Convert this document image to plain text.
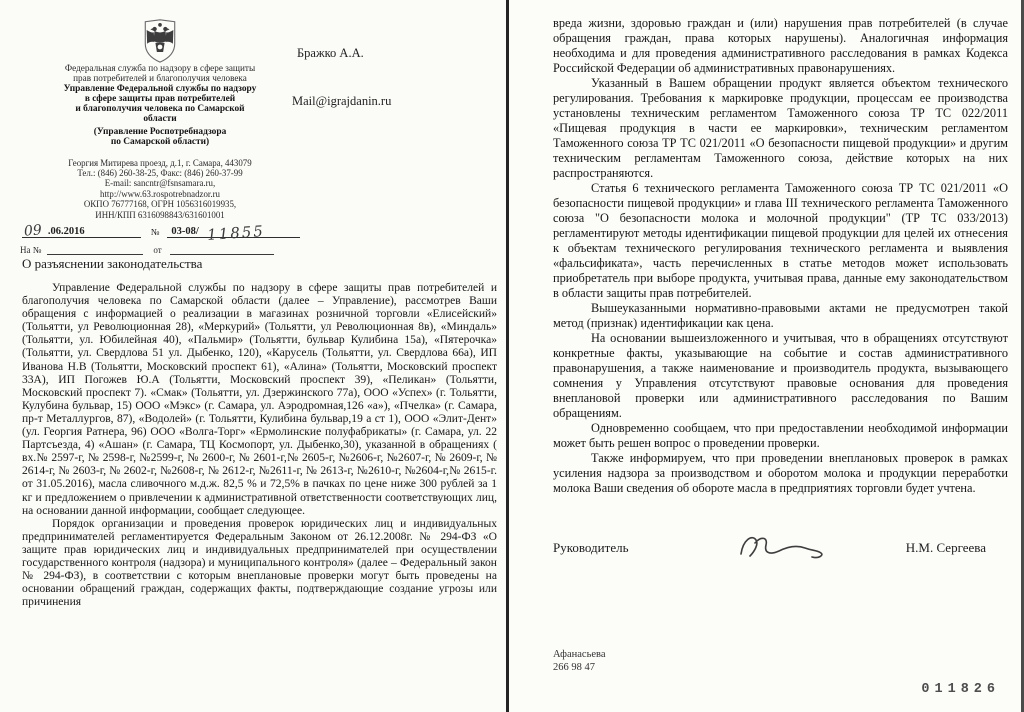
Федеральная служба по надзору в сфере защиты
прав потребителей и благополучия человека
Управление Федеральной службы по надзору
в сфере защиты прав потребителей
и благополучия человека по Самарской
области
(Управление Роспотребнадзора
по Самарской области)
Георгия Митирева проезд, д.1, г. Самара, 443079
Тел.: (846) 260-38-25, Факс: (846) 260-37-99
E-mail: sancntr@fsnsamara.ru,
http://www.63.rospotrebnadzor.ru
ОКПО 76777168, ОГРН 1056316019935,
ИНН/КПП 6316098843/631601001
09 .06.2016	№ 03-08/ 11855
На №	от
Бражко А.А.
Mail@igrajdanin.ru
О разъяснении законодательства

Управление Федеральной службы по надзору в сфере защиты прав потребителей и благополучия человека по Самарской области (далее – Управление), рассмотрев Ваши обращения с информацией о реализации в магазинах розничной торговли «Елисейский» (Тольятти, ул Революционная 28), «Меркурий» (Тольятти, ул Революционная 8в), «Миндаль» (Тольятти, ул. Юбилейная 40), «Пальмир» (Тольятти, бульвар Кулибина 15а), «Пятерочка» (Тольятти, ул. Свердлова 51 ул. Дыбенко, 120), «Карусель (Тольятти, ул. Свердлова 66а), ИП Иванова Н.В (Тольятти, Московский проспект 61), «Алина» (Тольятти, Московский проспект 33А), ИП Погожев Ю.А (Тольятти, Московский проспект 39), «Пеликан» (Тольятти, Московский проспект 7). «Смак» (Тольятти, ул. Дзержинского 77а), ООО «Успех» (г. Тольятти, Кулубина бульвар, 15) ООО «Мэкс» (г. Самара, ул. Аэродромная,126 «а»), «Пчелка» (г. Самара, пр-т Металлургов, 87), «Водолей» (г. Тольятти, Кулибина бульвар,19 а ст 1), ООО «Элит-Дент» (ул. Георгия Ратнера, 96) ООО «Волга-Торг» «Ермолинские полуфабрикаты» (г. Самара, ул. 22 Партсъезда, 4) «Ашан» (г. Самара, ТЦ Космопорт, ул. Дыбенко,30), указанной в обращениях ( вх.№ 2597-г, № 2598-г, №2599-г, № 2600-г, № 2601-г,№ 2605-г, №2606-г, №2607-г, № 2609-г, № 2614-г, № 2603-г, № 2602-г, №2608-г, № 2612-г, №2611-г, № 2613-г, №2610-г, №2604-г,№ 2615-г. от 31.05.2016), масла сливочного м.д.ж. 82,5 % и 72,5% в пачках по цене ниже 300 рублей за 1 кг и предложением о привлечении к административной ответственности соответствующих лиц, на основании данной информации, сообщает следующее.

Порядок организации и проведения проверок юридических лиц и индивидуальных предпринимателей регламентируется Федеральным Законом от 26.12.2008г. № 294-ФЗ «О защите прав юридических лиц и индивидуальных предпринимателей при осуществлении государственного контроля (надзора) и муниципального контроля» (далее – Федеральный закон № 294-ФЗ), в соответствии с которым внеплановые проверки могут быть проведены на основании обращений граждан, содержащих факты, подтверждающие создание угрозы или причинения

вреда жизни, здоровью граждан и (или) нарушения прав потребителей (в случае обращения граждан, права которых нарушены). Аналогичная информация необходима и для проведения административного расследования в рамках Кодекса Российской Федерации об административных правонарушениях.

Указанный в Вашем обращении продукт является объектом технического регулирования. Требования к маркировке продукции, процессам ее производства установлены техническим регламентом Таможенного союза ТР ТС 022/2011 «Пищевая продукция в части ее маркировки», техническим регламентом Таможенного союза ТР ТС 021/2011 «О безопасности пищевой продукции» и другим техническим регламентам Таможенного союза, действие которых на них распространяются.

Статья 6 технического регламента Таможенного союза ТР ТС 021/2011 «О безопасности пищевой продукции» и глава III технического регламента Таможенного союза "О безопасности молока и молочной продукции" (ТР ТС 033/2013) регламентируют методы идентификации пищевой продукции для целей их отнесения к объектам технического регулирования технического регламента и выявления «фальсификата», часть перечисленных в статье методов может использовать приобретатель при выборе продукта, учитывая права, данные ему законодательством в области защиты прав потребителей.

Вышеуказанными нормативно-правовыми актами не предусмотрен такой метод (признак) идентификации как цена.

На основании вышеизложенного и учитывая, что в обращениях отсутствуют конкретные факты, указывающие на событие и состав административного правонарушения, а также наименование и производитель продукта, вызывающего сомнения у Управления отсутствуют правовые основания для проведения внеплановой проверки или административного расследования по Вашим обращениям.

Одновременно сообщаем, что при предоставлении необходимой информации может быть решен вопрос о проведении проверки.

Также информируем, что при проведении внеплановых проверок в рамках усиления надзора за производством и оборотом молока и продукции переработки молока Ваши сведения об обороте масла в предприятиях торговли будет учтена.

Руководитель	Н.М. Сергеева
Афанасьева
266 98 47
011826
